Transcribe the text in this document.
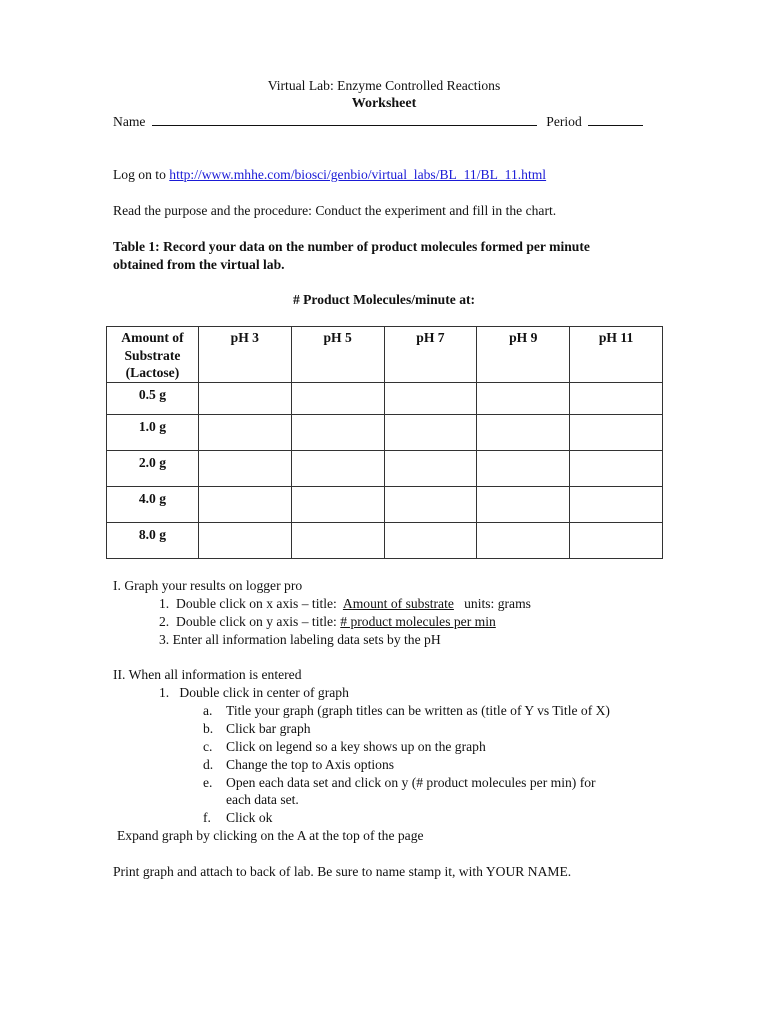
Virtual Lab: Enzyme Controlled Reactions
Worksheet
Name	Period
Log on to http://www.mhhe.com/biosci/genbio/virtual_labs/BL_11/BL_11.html
Read the purpose and the procedure: Conduct the experiment and fill in the chart.
Table 1: Record your data on the number of product molecules formed per minute
obtained from the virtual lab.
# Product Molecules/minute at:
Amount of
Substrate
(Lactose)	pH 3	pH 5	pH 7	pH 9	pH 11
0.5 g					
1.0 g					
2.0 g					
4.0 g					
8.0 g					
I. Graph your results on logger pro
1. Double click on x axis – title: Amount of substrate units: grams
2. Double click on y axis – title: # product molecules per min
3. Enter all information labeling data sets by the pH
II. When all information is entered
1. Double click in center of graph
a. Title your graph (graph titles can be written as (title of Y vs Title of X)
b. Click bar graph
c. Click on legend so a key shows up on the graph
d. Change the top to Axis options
e. Open each data set and click on y (# product molecules per min) for
each data set.
f. Click ok
Expand graph by clicking on the A at the top of the page
Print graph and attach to back of lab. Be sure to name stamp it, with YOUR NAME.
